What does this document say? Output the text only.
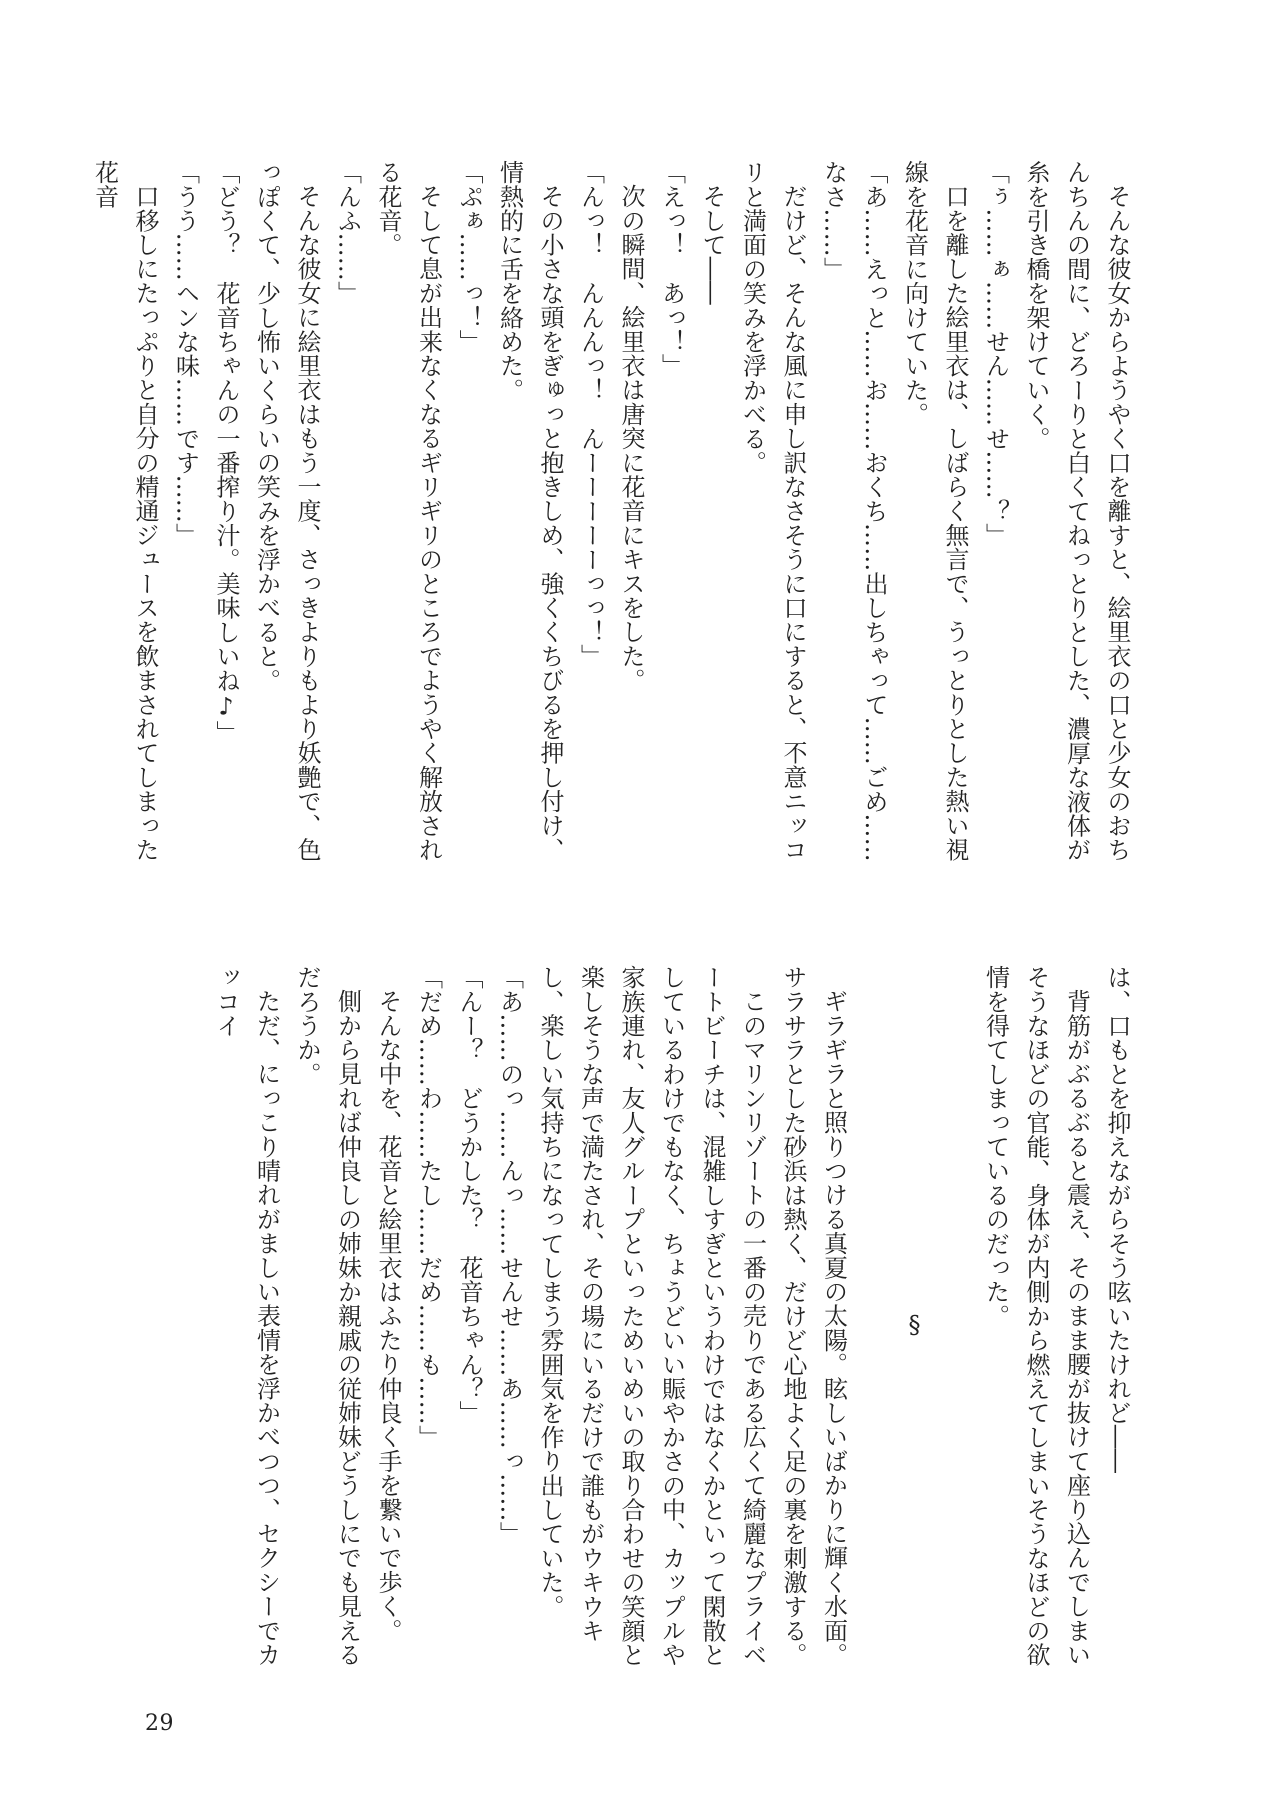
そんな彼女からようやく口を離すと、絵里衣の口と少女のおちんちんの間に、どろーりと白くてねっとりとした、濃厚な液体が糸を引き橋を架けていく。
「ぅ……ぁ……せん……せ……？」
口を離した絵里衣は、しばらく無言で、うっとりとした熱い視線を花音に向けていた。
「あ……えっと……お……おくち……出しちゃって……ごめ……なさ……」
だけど、そんな風に申し訳なさそうに口にすると、不意ニッコリと満面の笑みを浮かべる。
そして――
「えっ！　あっ！」
次の瞬間、絵里衣は唐突に花音にキスをした。
「んっ！　んんんっ！　んーーーーーっっ！」
その小さな頭をぎゅっと抱きしめ、強くくちびるを押し付け、情熱的に舌を絡めた。
「ぷぁ……っ！」
そして息が出来なくなるギリギリのところでようやく解放される花音。
「んふ……」
そんな彼女に絵里衣はもう一度、さっきよりもより妖艶で、色っぽくて、少し怖いくらいの笑みを浮かべると。
「どう？　花音ちゃんの一番搾り汁。美味しいね♪」
「うう……ヘンな味……です……」
口移しにたっぷりと自分の精通ジュースを飲まされてしまった花音
は、口もとを抑えながらそう呟いたけれど――
背筋がぶるぶると震え、そのまま腰が抜けて座り込んでしまいそうなほどの官能、身体が内側から燃えてしまいそうなほどの欲情を得てしまっているのだった。
§
ギラギラと照りつける真夏の太陽。眩しいばかりに輝く水面。サラサラとした砂浜は熱く、だけど心地よく足の裏を刺激する。
このマリンリゾートの一番の売りである広くて綺麗なプライベートビーチは、混雑しすぎというわけではなくかといって閑散としているわけでもなく、ちょうどいい賑やかさの中、カップルや家族連れ、友人グループといっためいめいの取り合わせの笑顔と楽しそうな声で満たされ、その場にいるだけで誰もがウキウキし、楽しい気持ちになってしまう雰囲気を作り出していた。
「あ……のっ……んっ……せんせ……あ……っ……」
「んー？　どうかした？　花音ちゃん？」
「だめ……わ……たし……だめ……も……」
そんな中を、花音と絵里衣はふたり仲良く手を繋いで歩く。
側から見れば仲良しの姉妹か親戚の従姉妹どうしにでも見えるだろうか。
ただ、にっこり晴れがましい表情を浮かべつつ、セクシーでカッコイ
29
